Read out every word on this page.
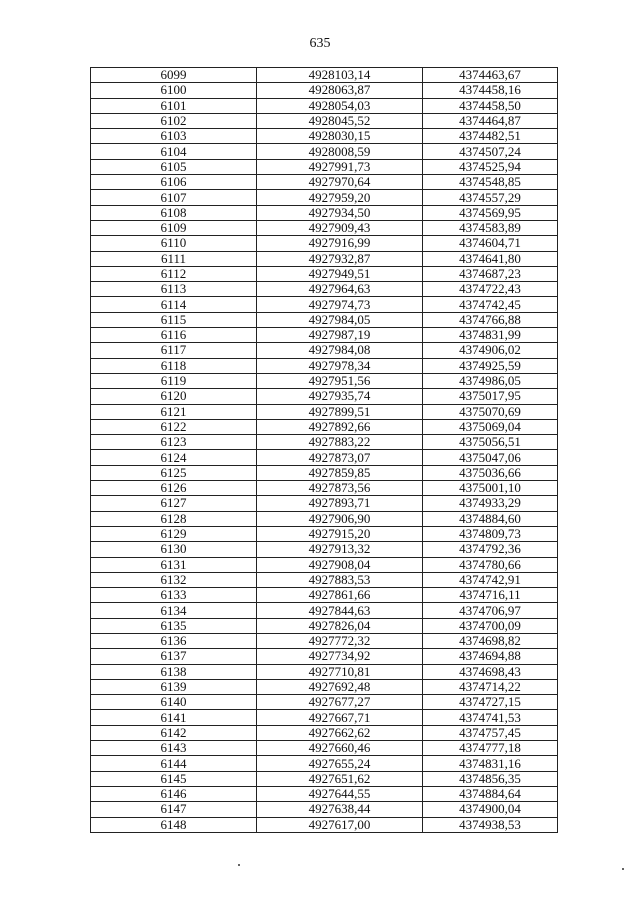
635
6099	4928103,14	4374463,67
6100	4928063,87	4374458,16
6101	4928054,03	4374458,50
6102	4928045,52	4374464,87
6103	4928030,15	4374482,51
6104	4928008,59	4374507,24
6105	4927991,73	4374525,94
6106	4927970,64	4374548,85
6107	4927959,20	4374557,29
6108	4927934,50	4374569,95
6109	4927909,43	4374583,89
6110	4927916,99	4374604,71
6111	4927932,87	4374641,80
6112	4927949,51	4374687,23
6113	4927964,63	4374722,43
6114	4927974,73	4374742,45
6115	4927984,05	4374766,88
6116	4927987,19	4374831,99
6117	4927984,08	4374906,02
6118	4927978,34	4374925,59
6119	4927951,56	4374986,05
6120	4927935,74	4375017,95
6121	4927899,51	4375070,69
6122	4927892,66	4375069,04
6123	4927883,22	4375056,51
6124	4927873,07	4375047,06
6125	4927859,85	4375036,66
6126	4927873,56	4375001,10
6127	4927893,71	4374933,29
6128	4927906,90	4374884,60
6129	4927915,20	4374809,73
6130	4927913,32	4374792,36
6131	4927908,04	4374780,66
6132	4927883,53	4374742,91
6133	4927861,66	4374716,11
6134	4927844,63	4374706,97
6135	4927826,04	4374700,09
6136	4927772,32	4374698,82
6137	4927734,92	4374694,88
6138	4927710,81	4374698,43
6139	4927692,48	4374714,22
6140	4927677,27	4374727,15
6141	4927667,71	4374741,53
6142	4927662,62	4374757,45
6143	4927660,46	4374777,18
6144	4927655,24	4374831,16
6145	4927651,62	4374856,35
6146	4927644,55	4374884,64
6147	4927638,44	4374900,04
6148	4927617,00	4374938,53
